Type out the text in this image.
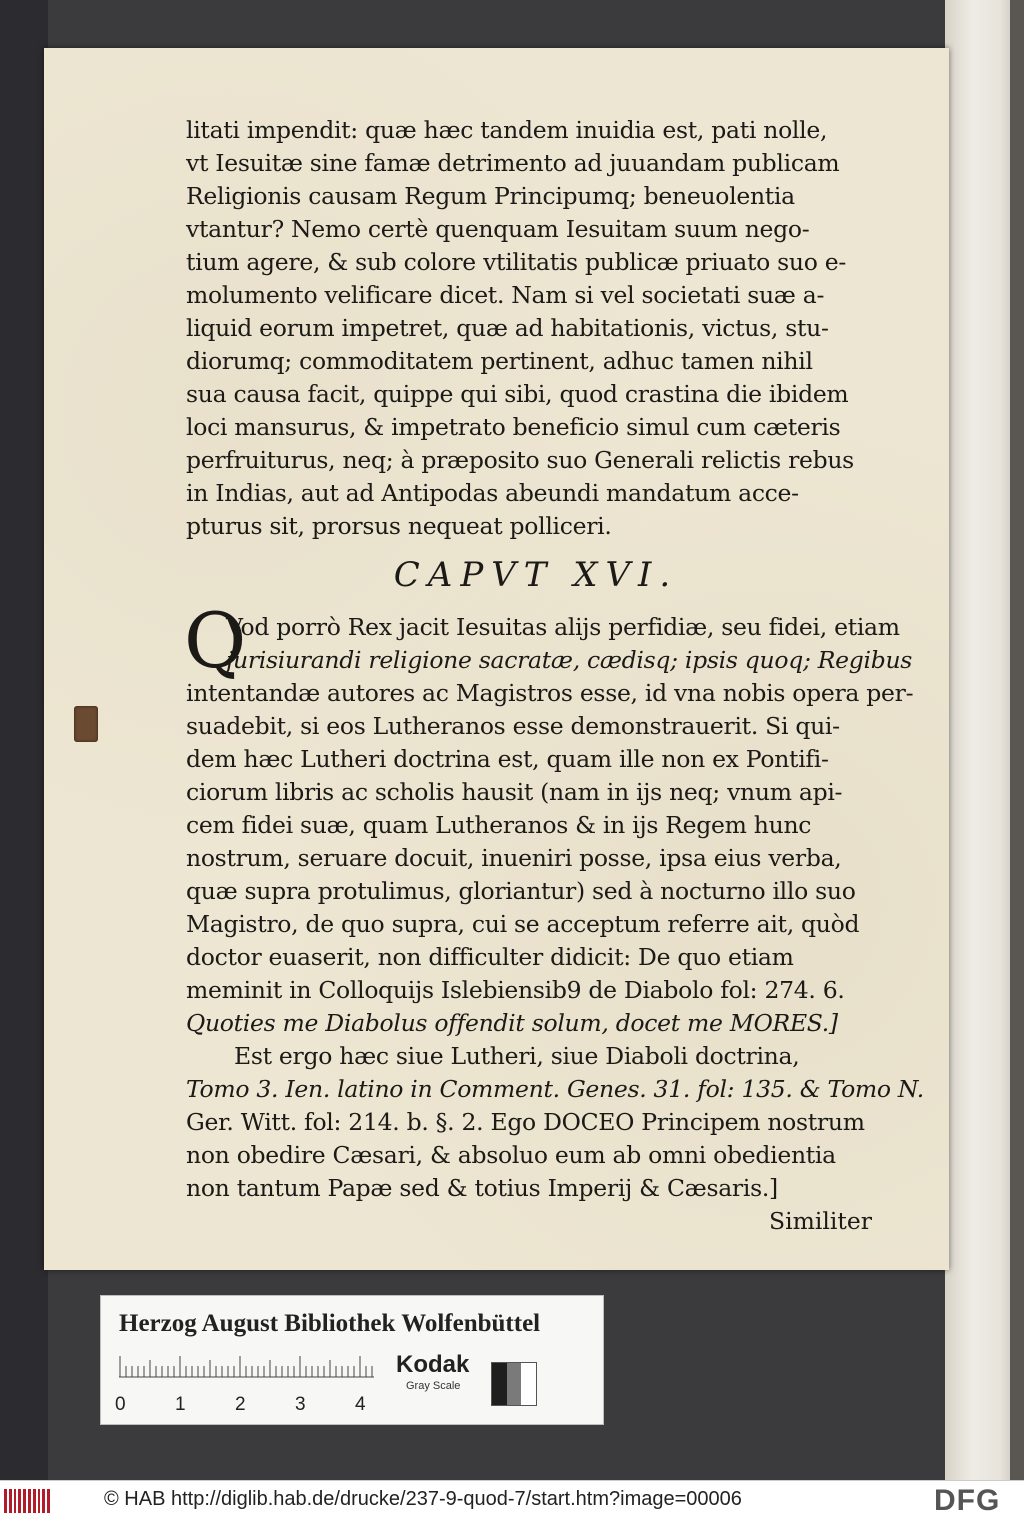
litati impendit: quæ hæc tandem inuidia est, pati nolle,
vt Iesuitæ sine famæ detrimento ad juuandam publicam
Religionis causam Regum Principumq; beneuolentia
vtantur? Nemo certè quenquam Iesuitam suum nego-
tium agere, & sub colore vtilitatis publicæ priuato suo e-
molumento velificare dicet. Nam si vel societati suæ a-
liquid eorum impetret, quæ ad habitationis, victus, stu-
diorumq; commoditatem pertinent, adhuc tamen nihil
sua causa facit, quippe qui sibi, quod crastina die ibidem
loci mansurus, & impetrato beneficio simul cum cæteris
perfruiturus, neq; à præposito suo Generali relictis rebus
in Indias, aut ad Antipodas abeundi mandatum acce-
pturus sit, prorsus nequeat polliceri.
CAPVT XVI.
Q
Vod porrò Rex jacit Iesuitas alijs perfidiæ, seu fidei, etiam
jurisiurandi religione sacratæ, cædisq; ipsis quoq; Regibus
intentandæ autores ac Magistros esse, id vna nobis opera per-
suadebit, si eos Lutheranos esse demonstrauerit. Si qui-
dem hæc Lutheri doctrina est, quam ille non ex Pontifi-
ciorum libris ac scholis hausit (nam in ijs neq; vnum api-
cem fidei suæ, quam Lutheranos & in ijs Regem hunc
nostrum, seruare docuit, inueniri posse, ipsa eius verba,
quæ supra protulimus, gloriantur) sed à nocturno illo suo
Magistro, de quo supra, cui se acceptum referre ait, quòd
doctor euaserit, non difficulter didicit: De quo etiam
meminit in Colloquijs Islebiensib9 de Diabolo fol: 274. 6.
Quoties me Diabolus offendit solum, docet me MORES.]
Est ergo hæc siue Lutheri, siue Diaboli doctrina,
Tomo 3. Ien. latino in Comment. Genes. 31. fol: 135. & Tomo N.
Ger. Witt. fol: 214. b. §. 2. Ego DOCEO Principem nostrum
non obedire Cæsari, & absoluo eum ab omni obedientia
non tantum Papæ sed & totius Imperij & Cæsaris.]
Similiter
Herzog August Bibliothek Wolfenbüttel
0	1	2	3	4
Kodak
Gray Scale
© HAB http://diglib.hab.de/drucke/237-9-quod-7/start.htm?image=00006	DFG
